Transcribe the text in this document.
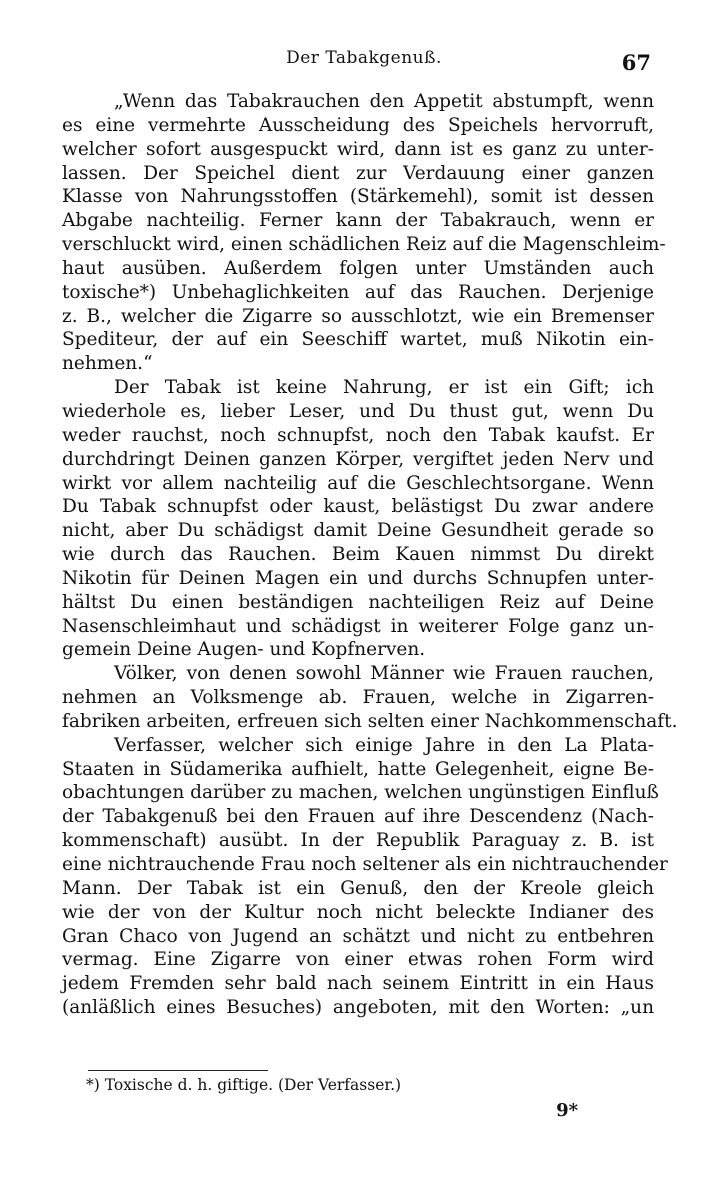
Der Tabakgenuß.	67
„Wenn das Tabakrauchen den Appetit abstumpft, wenn
es eine vermehrte Ausscheidung des Speichels hervorruft,
welcher sofort ausgespuckt wird, dann ist es ganz zu unter-
lassen. Der Speichel dient zur Verdauung einer ganzen
Klasse von Nahrungsstoffen (Stärkemehl), somit ist dessen
Abgabe nachteilig. Ferner kann der Tabakrauch, wenn er
verschluckt wird, einen schädlichen Reiz auf die Magenschleim-
haut ausüben. Außerdem folgen unter Umständen auch
toxische*) Unbehaglichkeiten auf das Rauchen. Derjenige
z. B., welcher die Zigarre so ausschlotzt, wie ein Bremenser
Spediteur, der auf ein Seeschiff wartet, muß Nikotin ein-
nehmen.“
Der Tabak ist keine Nahrung, er ist ein Gift; ich
wiederhole es, lieber Leser, und Du thust gut, wenn Du
weder rauchst, noch schnupfst, noch den Tabak kaufst. Er
durchdringt Deinen ganzen Körper, vergiftet jeden Nerv und
wirkt vor allem nachteilig auf die Geschlechtsorgane. Wenn
Du Tabak schnupfst oder kaust, belästigst Du zwar andere
nicht, aber Du schädigst damit Deine Gesundheit gerade so
wie durch das Rauchen. Beim Kauen nimmst Du direkt
Nikotin für Deinen Magen ein und durchs Schnupfen unter-
hältst Du einen beständigen nachteiligen Reiz auf Deine
Nasenschleimhaut und schädigst in weiterer Folge ganz un-
gemein Deine Augen- und Kopfnerven.
Völker, von denen sowohl Männer wie Frauen rauchen,
nehmen an Volksmenge ab. Frauen, welche in Zigarren-
fabriken arbeiten, erfreuen sich selten einer Nachkommenschaft.
Verfasser, welcher sich einige Jahre in den La Plata-
Staaten in Südamerika aufhielt, hatte Gelegenheit, eigne Be-
obachtungen darüber zu machen, welchen ungünstigen Einfluß
der Tabakgenuß bei den Frauen auf ihre Descendenz (Nach-
kommenschaft) ausübt. In der Republik Paraguay z. B. ist
eine nichtrauchende Frau noch seltener als ein nichtrauchender
Mann. Der Tabak ist ein Genuß, den der Kreole gleich
wie der von der Kultur noch nicht beleckte Indianer des
Gran Chaco von Jugend an schätzt und nicht zu entbehren
vermag. Eine Zigarre von einer etwas rohen Form wird
jedem Fremden sehr bald nach seinem Eintritt in ein Haus
(anläßlich eines Besuches) angeboten, mit den Worten: „un
*) Toxische d. h. giftige. (Der Verfasser.)
9*
